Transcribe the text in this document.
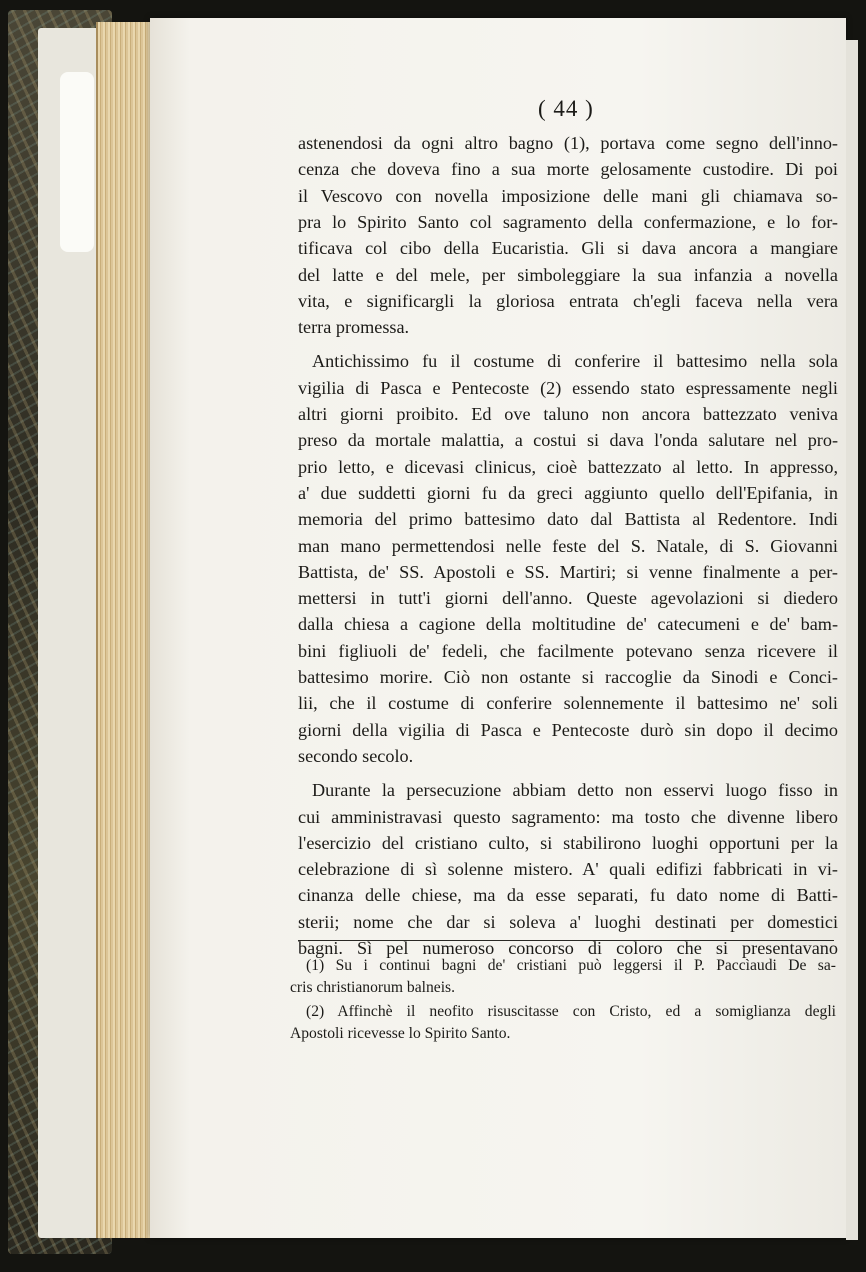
( 44 )
astenendosi da ogni altro bagno (1), portava come segno dell'inno-
cenza che doveva fino a sua morte gelosamente custodire. Di poi
il Vescovo con novella imposizione delle mani gli chiamava so-
pra lo Spirito Santo col sagramento della confermazione, e lo for-
tificava col cibo della Eucaristia. Gli si dava ancora a mangiare
del latte e del mele, per simboleggiare la sua infanzia a novella
vita, e significargli la gloriosa entrata ch'egli faceva nella vera
terra promessa.
Antichissimo fu il costume di conferire il battesimo nella sola
vigilia di Pasca e Pentecoste (2) essendo stato espressamente negli
altri giorni proibito. Ed ove taluno non ancora battezzato veniva
preso da mortale malattia, a costui si dava l'onda salutare nel pro-
prio letto, e dicevasi clinicus, cioè battezzato al letto. In appresso,
a' due suddetti giorni fu da greci aggiunto quello dell'Epifania, in
memoria del primo battesimo dato dal Battista al Redentore. Indi
man mano permettendosi nelle feste del S. Natale, di S. Giovanni
Battista, de' SS. Apostoli e SS. Martiri; si venne finalmente a per-
mettersi in tutt'i giorni dell'anno. Queste agevolazioni si diedero
dalla chiesa a cagione della moltitudine de' catecumeni e de' bam-
bini figliuoli de' fedeli, che facilmente potevano senza ricevere il
battesimo morire. Ciò non ostante si raccoglie da Sinodi e Conci-
lii, che il costume di conferire solennemente il battesimo ne' soli
giorni della vigilia di Pasca e Pentecoste durò sin dopo il decimo
secondo secolo.
Durante la persecuzione abbiam detto non esservi luogo fisso in
cui amministravasi questo sagramento: ma tosto che divenne libero
l'esercizio del cristiano culto, si stabilirono luoghi opportuni per la
celebrazione di sì solenne mistero. A' quali edifizi fabbricati in vi-
cinanza delle chiese, ma da esse separati, fu dato nome di Batti-
sterii; nome che dar si soleva a' luoghi destinati per domestici
bagni. Sì pel numeroso concorso di coloro che si presentavano
(1) Su i continui bagni de' cristiani può leggersi il P. Paccìaudi De sa-
cris christianorum balneis.
(2) Affinchè il neofito risuscitasse con Cristo, ed a somiglianza degli
Apostoli ricevesse lo Spirito Santo.
